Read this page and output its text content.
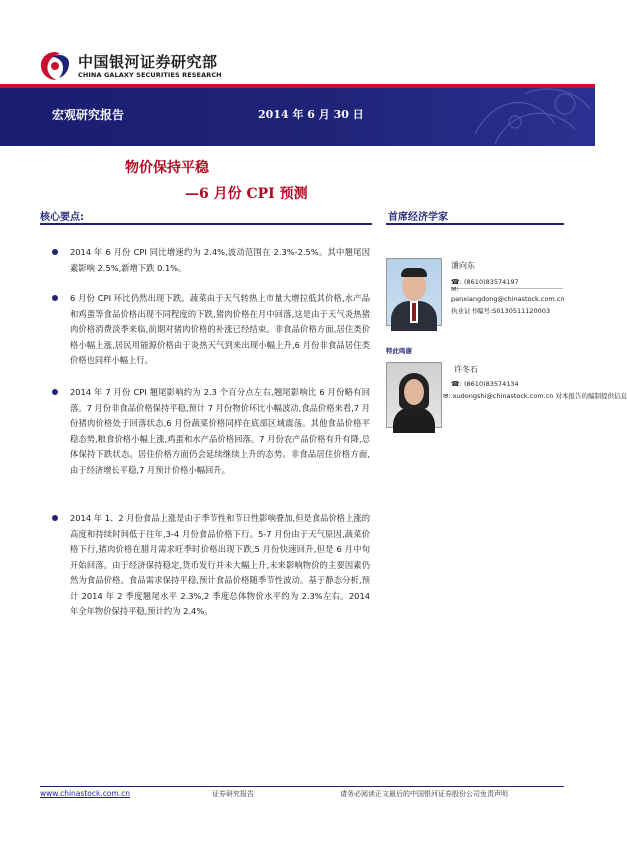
中国银河证券研究部
CHINA GALAXY SECURITIES RESEARCH
宏观研究报告	2014 年 6 月 30 日
物价保持平稳
—6 月份 CPI 预测
核心要点:	首席经济学家
2014 年 6 月份 CPI 同比增速约为 2.4%,波动范围在 2.3%-2.5%。其中翘尾因素影响 2.5%,新增下跌 0.1%。
6 月份 CPI 环比仍然出现下跌。蔬菜由于天气转热上市量大增拉低其价格,水产品和鸡蛋等食品价格出现不同程度的下跌,猪肉价格在月中回落,这是由于天气炎热猪肉价格消费淡季来临,前期对猪肉价格的补涨已经结束。非食品价格方面,居住类价格小幅上涨,居民用能源价格由于炎热天气到来出现小幅上升,6 月份非食品居住类价格也同样小幅上行。
2014 年 7 月份 CPI 翘尾影响约为 2.3 个百分点左右,翘尾影响比 6 月份略有回落。7 月份非食品价格保持平稳,预计 7 月份物价环比小幅波动,食品价格来看,7 月份猪肉价格处于回落状态,6 月份蔬菜价格同样在底部区域震荡。其他食品价格平稳态势,粮食价格小幅上涨,鸡蛋和水产品价格回落。7 月份农产品价格有升有降,总体保持下跌状态。居住价格方面仍会延续继续上升的态势。非食品居住价格方面,由于经济增长平稳,7 月预计价格小幅回升。
2014 年 1、2 月份食品上涨是由于季节性和节日性影响叠加,但是食品价格上涨的高度和持续时间低于往年,3-4 月份食品价格下行。5-7 月份由于天气原因,蔬菜价格下行,猪肉价格在腊月需求旺季时价格出现下跌,5 月份快速回升,但是 6 月中旬开始回落。由于经济保持稳定,货币发行并未大幅上升,未来影响物价的主要因素仍然为食品价格。食品需求保持平稳,预计食品价格随季节性波动。基于静态分析,预计 2014 年 2 季度翘尾水平 2.3%,2 季度总体物价水平约为 2.3%左右。2014 年全年物价保持平稳,预计约为 2.4%。
潘向东
☎: (8610)83574197
✉:
panxiangdong@chinastock.com.cn
执业证书编号:S0130511120003
特此鸣谢
许冬石
☎: (8610)83574134
✉: xudongshi@chinastock.com.cn 对本报告的编制提供信息
www.chinastock.com.cn	证券研究报告	请务必阅读正文最后的中国银河证券股份公司免责声明
